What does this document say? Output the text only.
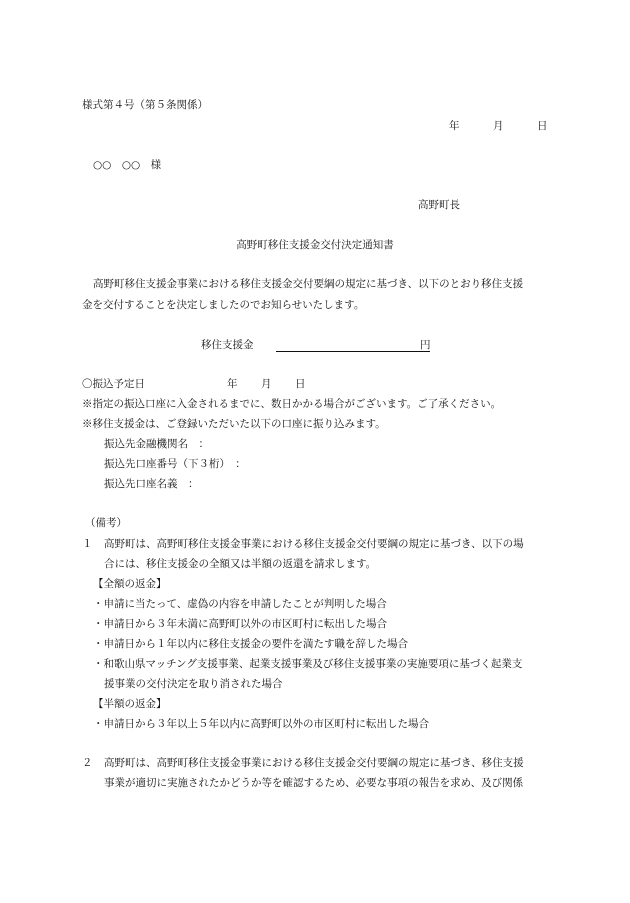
様式第４号（第５条関係）
年	月	日
○○　○○　様
高野町長
高野町移住支援金交付決定通知書
高野町移住支援金事業における移住支援金交付要綱の規定に基づき、以下のとおり移住支援
金を交付することを決定しましたのでお知らせいたします。
移住支援金	円
〇振込予定日	年 月 日
※指定の振込口座に入金されるまでに、数日かかる場合がございます。ご了承ください。
※移住支援金は、ご登録いただいた以下の口座に振り込みます。
振込先金融機関名　：
振込先口座番号（下３桁）　：
振込先口座名義　：
（備考）
１ 高野町は、高野町移住支援金事業における移住支援金交付要綱の規定に基づき、以下の場
合には、移住支援金の全額又は半額の返還を請求します。
【全額の返金】
・申請に当たって、虚偽の内容を申請したことが判明した場合
・申請日から３年未満に高野町以外の市区町村に転出した場合
・申請日から１年以内に移住支援金の要件を満たす職を辞した場合
・和歌山県マッチング支援事業、起業支援事業及び移住支援事業の実施要項に基づく起業支
援事業の交付決定を取り消された場合
【半額の返金】
・申請日から３年以上５年以内に高野町以外の市区町村に転出した場合
２ 高野町は、高野町移住支援金事業における移住支援金交付要綱の規定に基づき、移住支援
事業が適切に実施されたかどうか等を確認するため、必要な事項の報告を求め、及び関係
